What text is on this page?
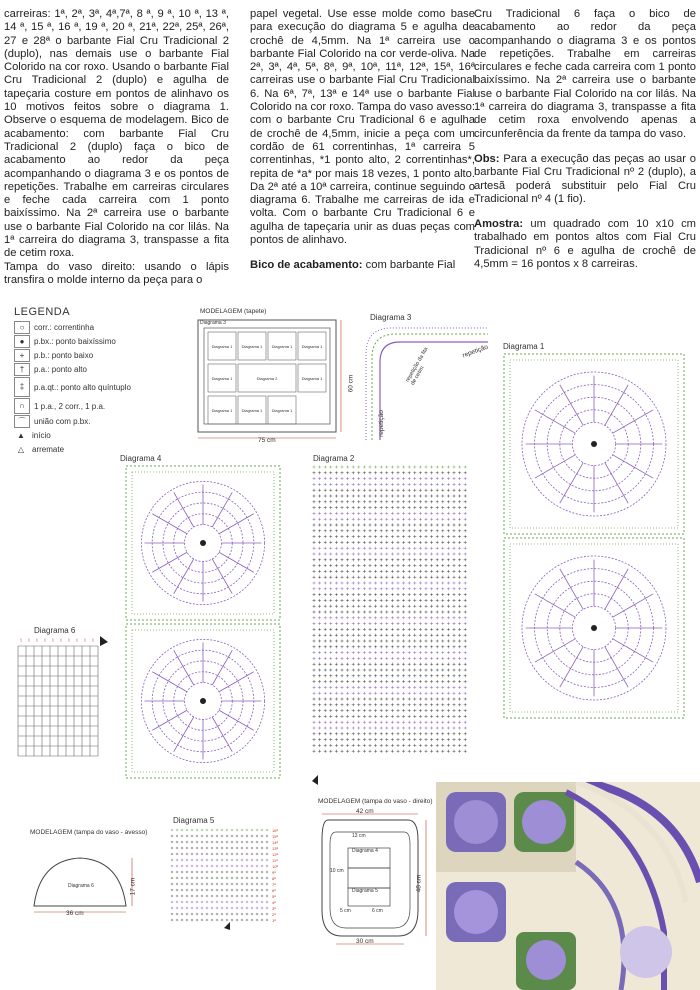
carreiras: 1ª, 2ª, 3ª, 4ª,7ª, 8 ª, 9 ª, 10 ª, 13 ª, 14 ª, 15 ª, 16 ª, 19 ª, 20 ª, 21ª, 22ª, 25ª, 26ª, 27 e 28ª o barbante Fial Cru Tradicional 2 (duplo), nas demais use o barbante Fial Colorido na cor roxo. Usando o barbante Fial Cru Tradicional 2 (duplo) e agulha de tapeçaria costure em pontos de alinhavo os 10 motivos feitos sobre o diagrama 1. Observe o esquema de modelagem. Bico de acabamento: com barbante Fial Cru Tradicional 2 (duplo) faça o bico de acabamento ao redor da peça acompanhando o diagrama 3 e os pontos de repetições. Trabalhe em carreiras circulares e feche cada carreira com 1 ponto baixíssimo. Na 2ª carreira use o barbante use o barbante Fial Colorido na cor lilás. Na 1ª carreira do diagrama 3, transpasse a fita de cetim roxa.

Tampa do vaso direito: usando o lápis transfira o molde interno da peça para o

papel vegetal. Use esse molde como base para execução do diagrama 5 e agulha de crochê de 4,5mm. Na 1ª carreira use o barbante Fial Colorido na cor verde-oliva. Na 2ª, 3ª, 4ª, 5ª, 8ª, 9ª, 10ª, 11ª, 12ª, 15ª, 16ª carreiras use o barbante Fial Cru Tradicional 6. Na 6ª, 7ª, 13ª e 14ª use o barbante Fial Colorido na cor roxo. Tampa do vaso avesso: com o barbante Cru Tradicional 6 e agulha de crochê de 4,5mm, inicie a peça com um cordão de 61 correntinhas, 1ª carreira 5 correntinhas, *1 ponto alto, 2 correntinhas*, repita de *a* por mais 18 vezes, 1 ponto alto. Da 2ª até a 10ª carreira, continue seguindo o diagrama 6. Trabalhe me carreiras de ida e volta. Com o barbante Cru Tradicional 6 e agulha de tapeçaria unir as duas peças com pontos de alinhavo.

Bico de acabamento: com barbante Fial

Cru Tradicional 6 faça o bico de acabamento ao redor da peça acompanhando o diagrama 3 e os pontos de repetições. Trabalhe em carreiras circulares e feche cada carreira com 1 ponto baixíssimo. Na 2ª carreira use o barbante use o barbante Fial Colorido na cor lilás. Na 1ª carreira do diagrama 3, transpasse a fita de cetim roxa envolvendo apenas a circunferência da frente da tampa do vaso.

Obs: Para a execução das peças ao usar o barbante Fial Cru Tradicional nº 2 (duplo), a artesã poderá substituir pelo Fial Cru Tradicional nº 4 (1 fio).

Amostra: um quadrado com 10 x10 cm trabalhado em pontos altos com Fial Cru Tradicional nº 6 e agulha de crochê de 4,5mm = 16 pontos x 8 carreiras.

LEGENDA
○	corr.: correntinha
●	p.bx.: ponto baixíssimo
+	p.b.: ponto baixo
†	p.a.: ponto alto
‡	p.a.qt.: ponto alto quíntuplo
∩	1 p.a., 2 corr., 1 p.a.
⌒	união com p.bx.
▲ início
△ arremate
MODELAGEM (tapete)
Diagrama 1 Diagrama 1 Diagrama 1 Diagrama 1
Diagrama 1	Diagrama 2	Diagrama 1
Diagrama 1 Diagrama 1 Diagrama 1
Diagrama 3
75 cm
60 cm
Diagrama 3
repetição da fita de cetim
repetição
repetição
Diagrama 1
Diagrama 4	Diagrama 2
Diagrama 6
¹ ¹ ¹ ¹ ¹ ¹ ¹ ¹ ¹ ¹
MODELAGEM (tampa do vaso - avesso)
Diagrama 6
36 cm
17 cm
Diagrama 5
16ª
15ª
14ª
13ª
12ª
11ª
10ª
9ª
8ª
7ª
6ª
5ª
4ª
3ª
2ª
1ª
MODELAGEM (tampa do vaso - direito)
42 cm
30 cm
48 cm
Diagrama 4
Diagrama 5
13 cm
10 cm
5 cm	6 cm
